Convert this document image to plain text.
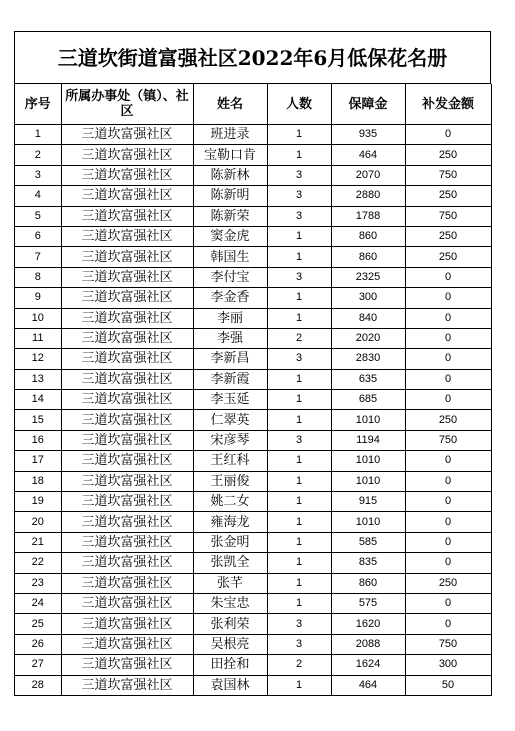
三道坎街道富强社区2022年6月低保花名册
序号	所属办事处（镇）、社区	姓名	人数	保障金	补发金额
1	三道坎富强社区	班进录	1	935	0
2	三道坎富强社区	宝勒口肯	1	464	250
3	三道坎富强社区	陈新林	3	2070	750
4	三道坎富强社区	陈新明	3	2880	250
5	三道坎富强社区	陈新荣	3	1788	750
6	三道坎富强社区	窦金虎	1	860	250
7	三道坎富强社区	韩国生	1	860	250
8	三道坎富强社区	李付宝	3	2325	0
9	三道坎富强社区	李金香	1	300	0
10	三道坎富强社区	李丽	1	840	0
11	三道坎富强社区	李强	2	2020	0
12	三道坎富强社区	李新昌	3	2830	0
13	三道坎富强社区	李新霞	1	635	0
14	三道坎富强社区	李玉延	1	685	0
15	三道坎富强社区	仁翠英	1	1010	250
16	三道坎富强社区	宋彦琴	3	1194	750
17	三道坎富强社区	王红科	1	1010	0
18	三道坎富强社区	王丽俊	1	1010	0
19	三道坎富强社区	姚二女	1	915	0
20	三道坎富强社区	雍海龙	1	1010	0
21	三道坎富强社区	张金明	1	585	0
22	三道坎富强社区	张凯全	1	835	0
23	三道坎富强社区	张芊	1	860	250
24	三道坎富强社区	朱宝忠	1	575	0
25	三道坎富强社区	张利荣	3	1620	0
26	三道坎富强社区	吴根亮	3	2088	750
27	三道坎富强社区	田拴和	2	1624	300
28	三道坎富强社区	袁国林	1	464	50
